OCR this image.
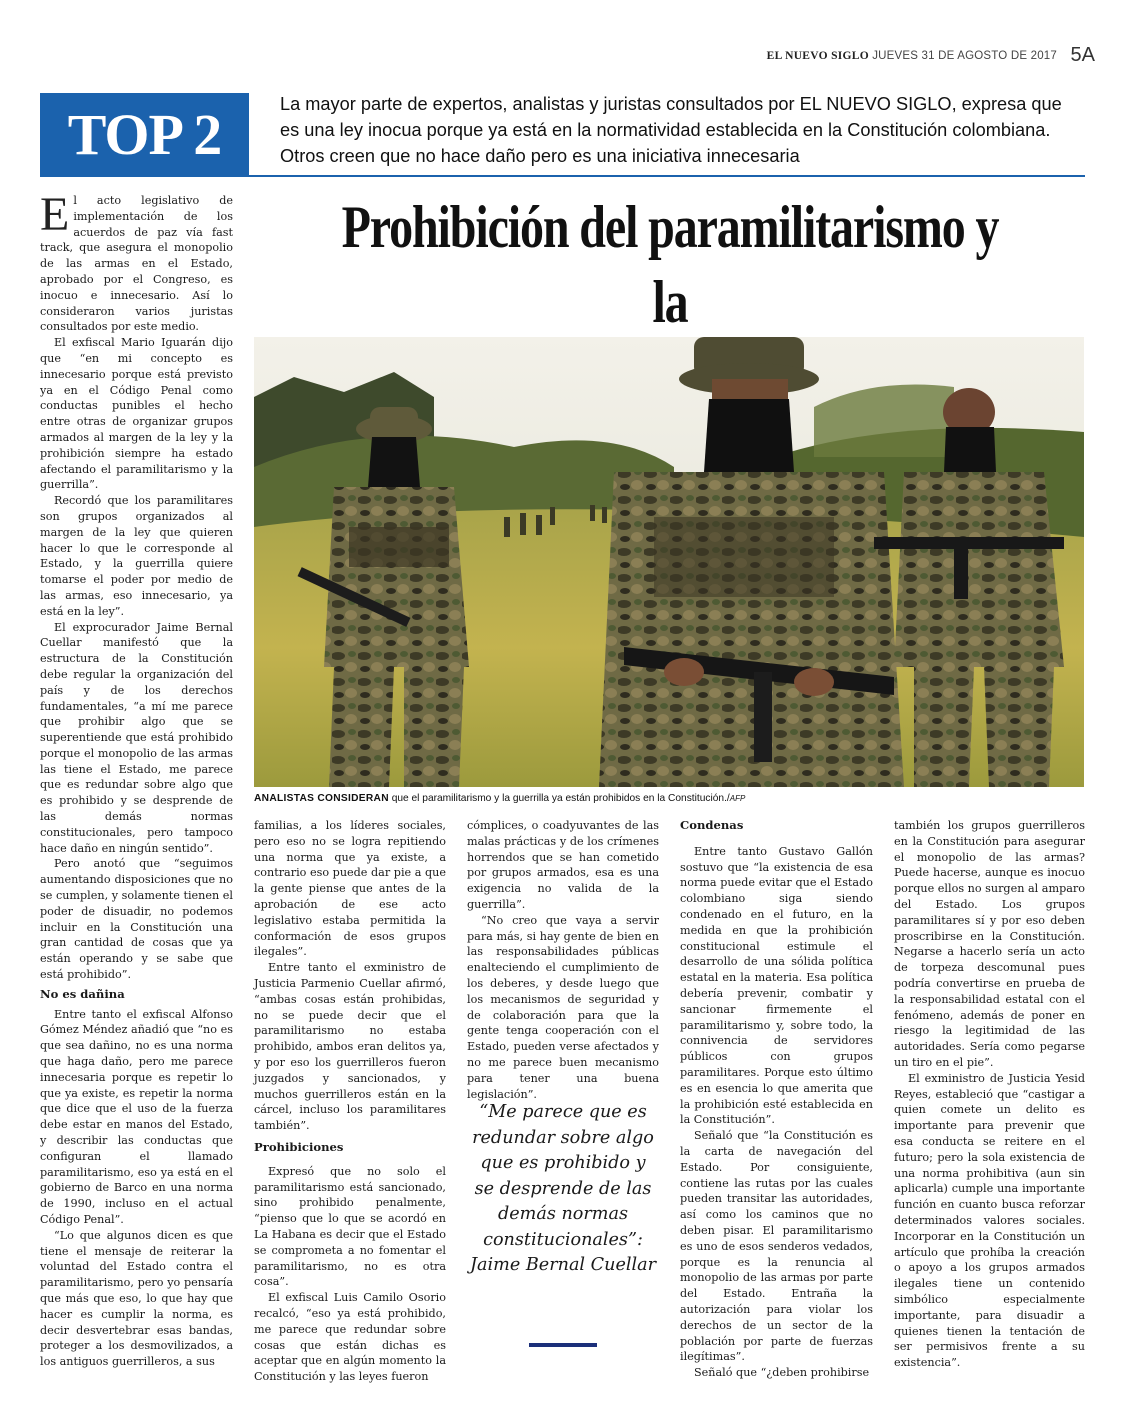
EL NUEVO SIGLO JUEVES 31 DE AGOSTO DE 2017 5A
TOP 2	La mayor parte de expertos, analistas y juristas consultados por EL NUEVO SIGLO, expresa que es una ley inocua porque ya está en la normatividad establecida en la Constitución colombiana. Otros creen que no hace daño pero es una iniciativa innecesaria
Prohibición del paramilitarismo y la
ANALISTAS CONSIDERAN que el paramilitarismo y la guerrilla ya están prohibidos en la Constitución./AFP

El acto legislativo de implementación de los acuerdos de paz vía fast track, que asegura el monopolio de las armas en el Estado, aprobado por el Congreso, es inocuo e innecesario. Así lo consideraron varios juristas consultados por este medio.

El exfiscal Mario Iguarán dijo que “en mi concepto es innecesario porque está previsto ya en el Código Penal como conductas punibles el hecho entre otras de organizar grupos armados al margen de la ley y la prohibición siempre ha estado afectando el paramilitarismo y la guerrilla”.

Recordó que los paramilitares son grupos organizados al margen de la ley que quieren hacer lo que le corresponde al Estado, y la guerrilla quiere tomarse el poder por medio de las armas, eso innecesario, ya está en la ley”.

El exprocurador Jaime Bernal Cuellar manifestó que la estructura de la Constitución debe regular la organización del país y de los derechos fundamentales, “a mí me parece que prohibir algo que se superentiende que está prohibido porque el monopolio de las armas las tiene el Estado, me parece que es redundar sobre algo que es prohibido y se desprende de las demás normas constitucionales, pero tampoco hace daño en ningún sentido”.

Pero anotó que “seguimos aumentando disposiciones que no se cumplen, y solamente tienen el poder de disuadir, no podemos incluir en la Constitución una gran cantidad de cosas que ya están operando y se sabe que está prohibido”.

No es dañina

Entre tanto el exfiscal Alfonso Gómez Méndez añadió que “no es que sea dañino, no es una norma que haga daño, pero me parece innecesaria porque es repetir lo que ya existe, es repetir la norma que dice que el uso de la fuerza debe estar en manos del Estado, y describir las conductas que configuran el llamado paramilitarismo, eso ya está en el gobierno de Barco en una norma de 1990, incluso en el actual Código Penal”.

“Lo que algunos dicen es que tiene el mensaje de reiterar la voluntad del Estado contra el paramilitarismo, pero yo pensaría que más que eso, lo que hay que hacer es cumplir la norma, es decir desvertebrar esas bandas, proteger a los desmovilizados, a los antiguos guerrilleros, a sus

familias, a los líderes sociales, pero eso no se logra repitiendo una norma que ya existe, a contrario eso puede dar pie a que la gente piense que antes de la aprobación de ese acto legislativo estaba permitida la conformación de esos grupos ilegales”.

Entre tanto el exministro de Justicia Parmenio Cuellar afirmó, “ambas cosas están prohibidas, no se puede decir que el paramilitarismo no estaba prohibido, ambos eran delitos ya, y por eso los guerrilleros fueron juzgados y sancionados, y muchos guerrilleros están en la cárcel, incluso los paramilitares también”.

Prohibiciones

Expresó que no solo el paramilitarismo está sancionado, sino prohibido penalmente, “pienso que lo que se acordó en La Habana es decir que el Estado se comprometa a no fomentar el paramilitarismo, no es otra cosa”.

El exfiscal Luis Camilo Osorio recalcó, “eso ya está prohibido, me parece que redundar sobre cosas que están dichas es aceptar que en algún momento la Constitución y las leyes fueron

cómplices, o coadyuvantes de las malas prácticas y de los crímenes horrendos que se han cometido por grupos armados, esa es una exigencia no valida de la guerrilla”.

“No creo que vaya a servir para más, si hay gente de bien en las responsabilidades públicas enalteciendo el cumplimiento de los deberes, y desde luego que los mecanismos de seguridad y de colaboración para que la gente tenga cooperación con el Estado, pueden verse afectados y no me parece buen mecanismo para tener una buena legislación”.

“Me parece que es redundar sobre algo que es prohibido y se desprende de las demás normas constitucionales”: Jaime Bernal Cuellar
Condenas

Entre tanto Gustavo Gallón sostuvo que “la existencia de esa norma puede evitar que el Estado colombiano siga siendo condenado en el futuro, en la medida en que la prohibición constitucional estimule el desarrollo de una sólida política estatal en la materia. Esa política debería prevenir, combatir y sancionar firmemente el paramilitarismo y, sobre todo, la connivencia de servidores públicos con grupos paramilitares. Porque esto último es en esencia lo que amerita que la prohibición esté establecida en la Constitución”.

Señaló que “la Constitución es la carta de navegación del Estado. Por consiguiente, contiene las rutas por las cuales pueden transitar las autoridades, así como los caminos que no deben pisar. El paramilitarismo es uno de esos senderos vedados, porque es la renuncia al monopolio de las armas por parte del Estado. Entraña la autorización para violar los derechos de un sector de la población por parte de fuerzas ilegítimas”.

Señaló que “¿deben prohibirse

también los grupos guerrilleros en la Constitución para asegurar el monopolio de las armas? Puede hacerse, aunque es inocuo porque ellos no surgen al amparo del Estado. Los grupos paramilitares sí y por eso deben proscribirse en la Constitución. Negarse a hacerlo sería un acto de torpeza descomunal pues podría convertirse en prueba de la responsabilidad estatal con el fenómeno, además de poner en riesgo la legitimidad de las autoridades. Sería como pegarse un tiro en el pie”.

El exministro de Justicia Yesid Reyes, estableció que “castigar a quien comete un delito es importante para prevenir que esa conducta se reitere en el futuro; pero la sola existencia de una norma prohibitiva (aun sin aplicarla) cumple una importante función en cuanto busca reforzar determinados valores sociales. Incorporar en la Constitución un artículo que prohíba la creación o apoyo a los grupos armados ilegales tiene un contenido simbólico especialmente importante, para disuadir a quienes tienen la tentación de ser permisivos frente a su existencia”.
